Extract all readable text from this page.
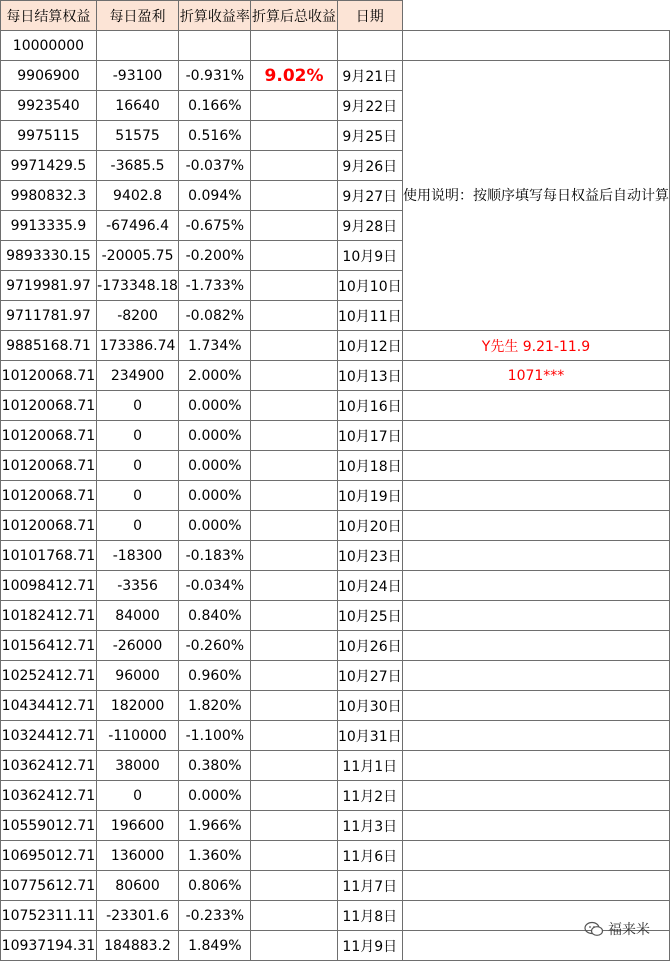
每日结算权益	每日盈利	折算收益率	折算后总收益	日期	
10000000					
9906900	-93100	-0.931%	9.02%	9月21日	使用说明：按顺序填写每日权益后自动计算
9923540	16640	0.166%		9月22日	
9975115	51575	0.516%		9月25日	
9971429.5	-3685.5	-0.037%		9月26日	
9980832.3	9402.8	0.094%		9月27日	
9913335.9	-67496.4	-0.675%		9月28日	
9893330.15	-20005.75	-0.200%		10月9日	
9719981.97	-173348.18	-1.733%		10月10日	
9711781.97	-8200	-0.082%		10月11日	
9885168.71	173386.74	1.734%		10月12日	Y先生 9.21-11.9
10120068.71	234900	2.000%		10月13日	1071***
10120068.71	0	0.000%		10月16日	
10120068.71	0	0.000%		10月17日	
10120068.71	0	0.000%		10月18日	
10120068.71	0	0.000%		10月19日	
10120068.71	0	0.000%		10月20日	
10101768.71	-18300	-0.183%		10月23日	
10098412.71	-3356	-0.034%		10月24日	
10182412.71	84000	0.840%		10月25日	
10156412.71	-26000	-0.260%		10月26日	
10252412.71	96000	0.960%		10月27日	
10434412.71	182000	1.820%		10月30日	
10324412.71	-110000	-1.100%		10月31日	
10362412.71	38000	0.380%		11月1日	
10362412.71	0	0.000%		11月2日	
10559012.71	196600	1.966%		11月3日	
10695012.71	136000	1.360%		11月6日	
10775612.71	80600	0.806%		11月7日	
10752311.11	-23301.6	-0.233%		11月8日	
10937194.31	184883.2	1.849%		11月9日	
福来米
